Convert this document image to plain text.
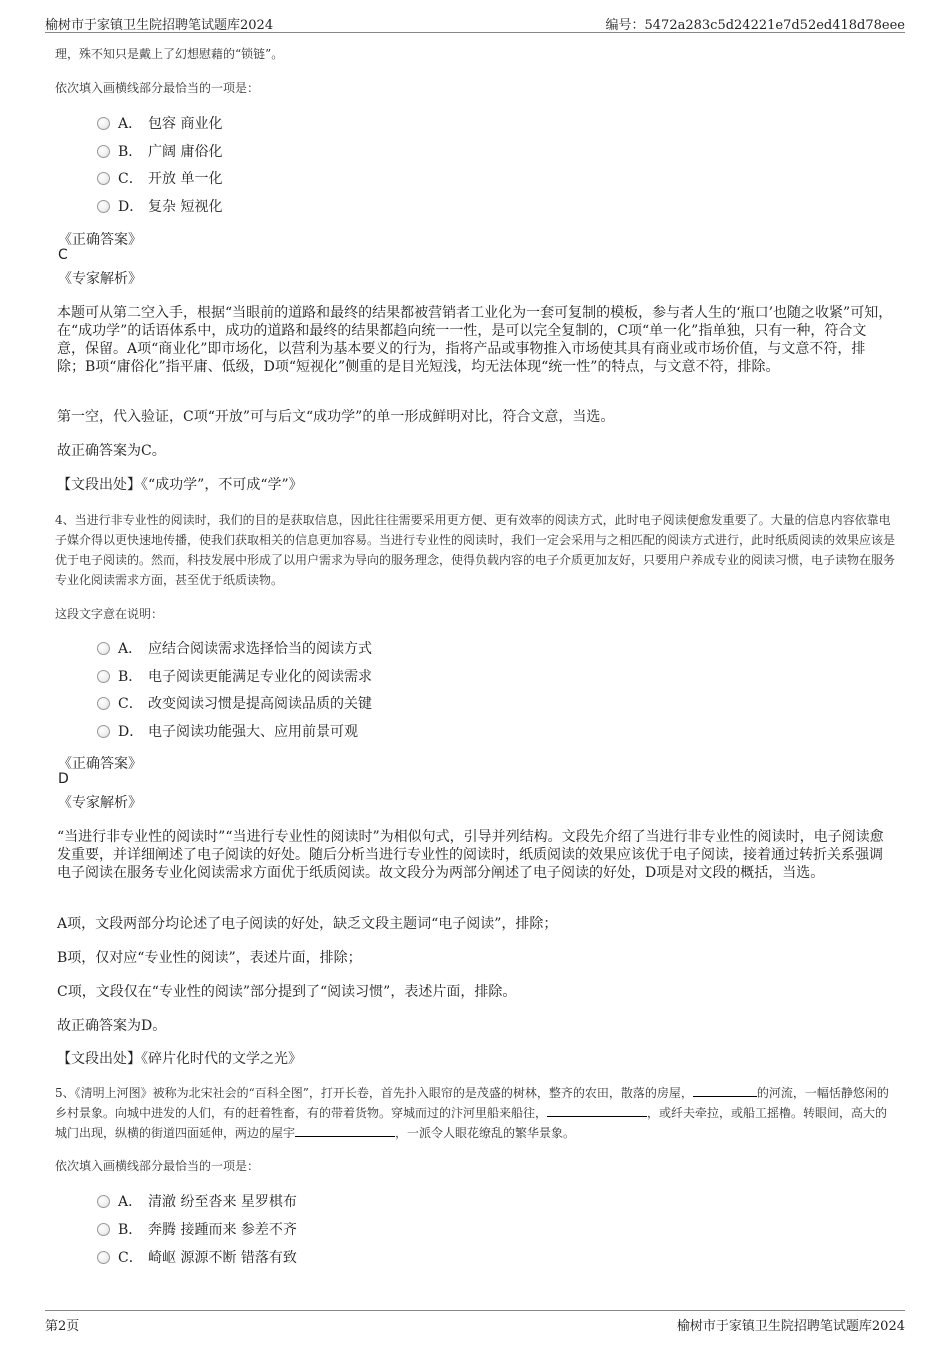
榆树市于家镇卫生院招聘笔试题库2024	编号：5472a283c5d24221e7d52ed418d78eee
理，殊不知只是戴上了幻想慰藉的“锁链”。
依次填入画横线部分最恰当的一项是：
A． 包容 商业化
B． 广阔 庸俗化
C． 开放 单一化
D． 复杂 短视化
《正确答案》
C
《专家解析》
本题可从第二空入手，根据“当眼前的道路和最终的结果都被营销者工业化为一套可复制的模板，参与者人生的‘瓶口’也随之收紧”可知，在“成功学”的话语体系中，成功的道路和最终的结果都趋向统一一性，是可以完全复制的，C项“单一化”指单独，只有一种，符合文意，保留。A项“商业化”即市场化，以营利为基本要义的行为，指将产品或事物推入市场使其具有商业或市场价值，与文意不符，排除；B项“庸俗化”指平庸、低级，D项“短视化”侧重的是目光短浅，均无法体现“统一性”的特点，与文意不符，排除。
第一空，代入验证，C项“开放”可与后文“成功学”的单一形成鲜明对比，符合文意，当选。
故正确答案为C。
【文段出处】《“成功学”，不可成“学”》
4、当进行非专业性的阅读时，我们的目的是获取信息，因此往往需要采用更方便、更有效率的阅读方式，此时电子阅读便愈发重要了。大量的信息内容依靠电子媒介得以更快速地传播，使我们获取相关的信息更加容易。当进行专业性的阅读时，我们一定会采用与之相匹配的阅读方式进行，此时纸质阅读的效果应该是优于电子阅读的。然而，科技发展中形成了以用户需求为导向的服务理念，使得负载内容的电子介质更加友好，只要用户养成专业的阅读习惯，电子读物在服务专业化阅读需求方面，甚至优于纸质读物。
这段文字意在说明：
A． 应结合阅读需求选择恰当的阅读方式
B． 电子阅读更能满足专业化的阅读需求
C． 改变阅读习惯是提高阅读品质的关键
D． 电子阅读功能强大、应用前景可观
《正确答案》
D
《专家解析》
“当进行非专业性的阅读时”“当进行专业性的阅读时”为相似句式，引导并列结构。文段先介绍了当进行非专业性的阅读时，电子阅读愈发重要，并详细阐述了电子阅读的好处。随后分析当进行专业性的阅读时，纸质阅读的效果应该优于电子阅读，接着通过转折关系强调电子阅读在服务专业化阅读需求方面优于纸质阅读。故文段分为两部分阐述了电子阅读的好处，D项是对文段的概括，当选。
A项，文段两部分均论述了电子阅读的好处，缺乏文段主题词“电子阅读”，排除；
B项，仅对应“专业性的阅读”，表述片面，排除；
C项，文段仅在“专业性的阅读”部分提到了“阅读习惯”，表述片面，排除。
故正确答案为D。
【文段出处】《碎片化时代的文学之光》
5、《清明上河图》被称为北宋社会的“百科全图”，打开长卷，首先扑入眼帘的是茂盛的树林，整齐的农田，散落的房屋，	的河流，一幅恬静悠闲的乡村景象。向城中进发的人们，有的赶着牲畜，有的带着货物。穿城而过的汴河里船来船往，	，或纤夫牵拉，或船工摇橹。转眼间，高大的城门出现，纵横的街道四面延伸，两边的屋宇	，一派令人眼花缭乱的繁华景象。
依次填入画横线部分最恰当的一项是：
A． 清澈 纷至沓来 星罗棋布
B． 奔腾 接踵而来 参差不齐
C． 崎岖 源源不断 错落有致
第2页	榆树市于家镇卫生院招聘笔试题库2024
